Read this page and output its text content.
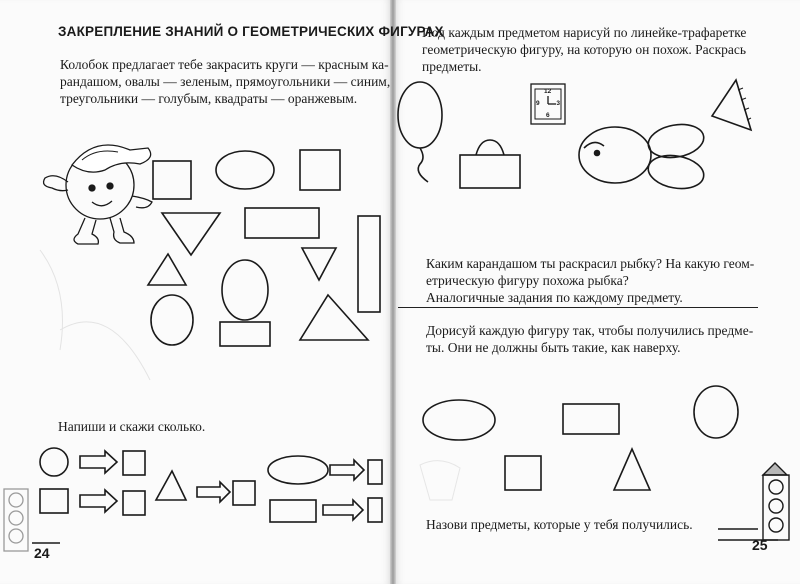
ЗАКРЕПЛЕНИЕ ЗНАНИЙ О ГЕОМЕТРИЧЕСКИХ ФИГУРАХ
Колобок предлагает тебе закрасить круги — красным ка-
рандашом, овалы — зеленым, прямоугольники — синим,
треугольники — голубым, квадраты — оранжевым.
Напиши и скажи сколько.
24
Под каждым предметом нарисуй по линейке-трафаретке
геометрическую фигуру, на которую он похож. Раскрась
предметы.
Каким карандашом ты раскрасил рыбку? На какую геом-
етрическую фигуру похожа рыбка?
Аналогичные задания по каждому предмету.
Дорисуй каждую фигуру так, чтобы получились предме-
ты. Они не должны быть такие, как наверху.
Назови предметы, которые у тебя получились.
25
12
3
6
9
